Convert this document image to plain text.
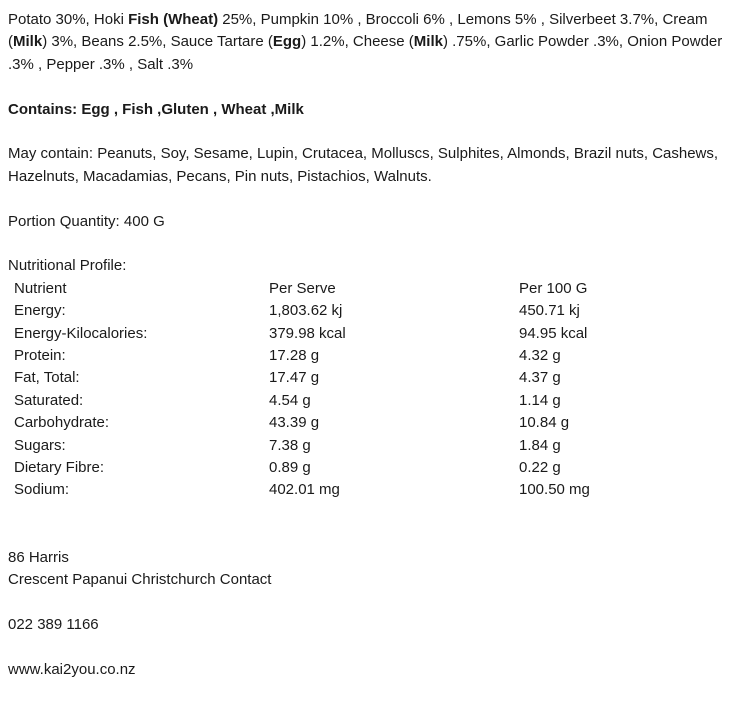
Potato 30%, Hoki Fish (Wheat) 25%, Pumpkin 10% , Broccoli 6% , Lemons 5% , Silverbeet 3.7%, Cream (Milk) 3%, Beans 2.5%, Sauce Tartare (Egg) 1.2%, Cheese (Milk) .75%, Garlic Powder .3%, Onion Powder .3% , Pepper .3% , Salt .3%

Contains: Egg , Fish ,Gluten , Wheat ,Milk

May contain: Peanuts, Soy, Sesame, Lupin, Crutacea, Molluscs, Sulphites, Almonds, Brazil nuts, Cashews, Hazelnuts, Macadamias, Pecans, Pin nuts, Pistachios, Walnuts.

Portion Quantity: 400 G

Nutritional Profile:
Nutrient	Per Serve	Per 100 G
Energy:	1,803.62 kj	450.71 kj
Energy-Kilocalories:	379.98 kcal	94.95 kcal
Protein:	17.28 g	4.32 g
Fat, Total:	17.47 g	4.37 g
Saturated:	4.54 g	1.14 g
Carbohydrate:	43.39 g	10.84 g
Sugars:	7.38 g	1.84 g
Dietary Fibre:	0.89 g	0.22 g
Sodium:	402.01 mg	100.50 mg
86 Harris
Crescent Papanui Christchurch Contact
022 389 1166
www.kai2you.co.nz
